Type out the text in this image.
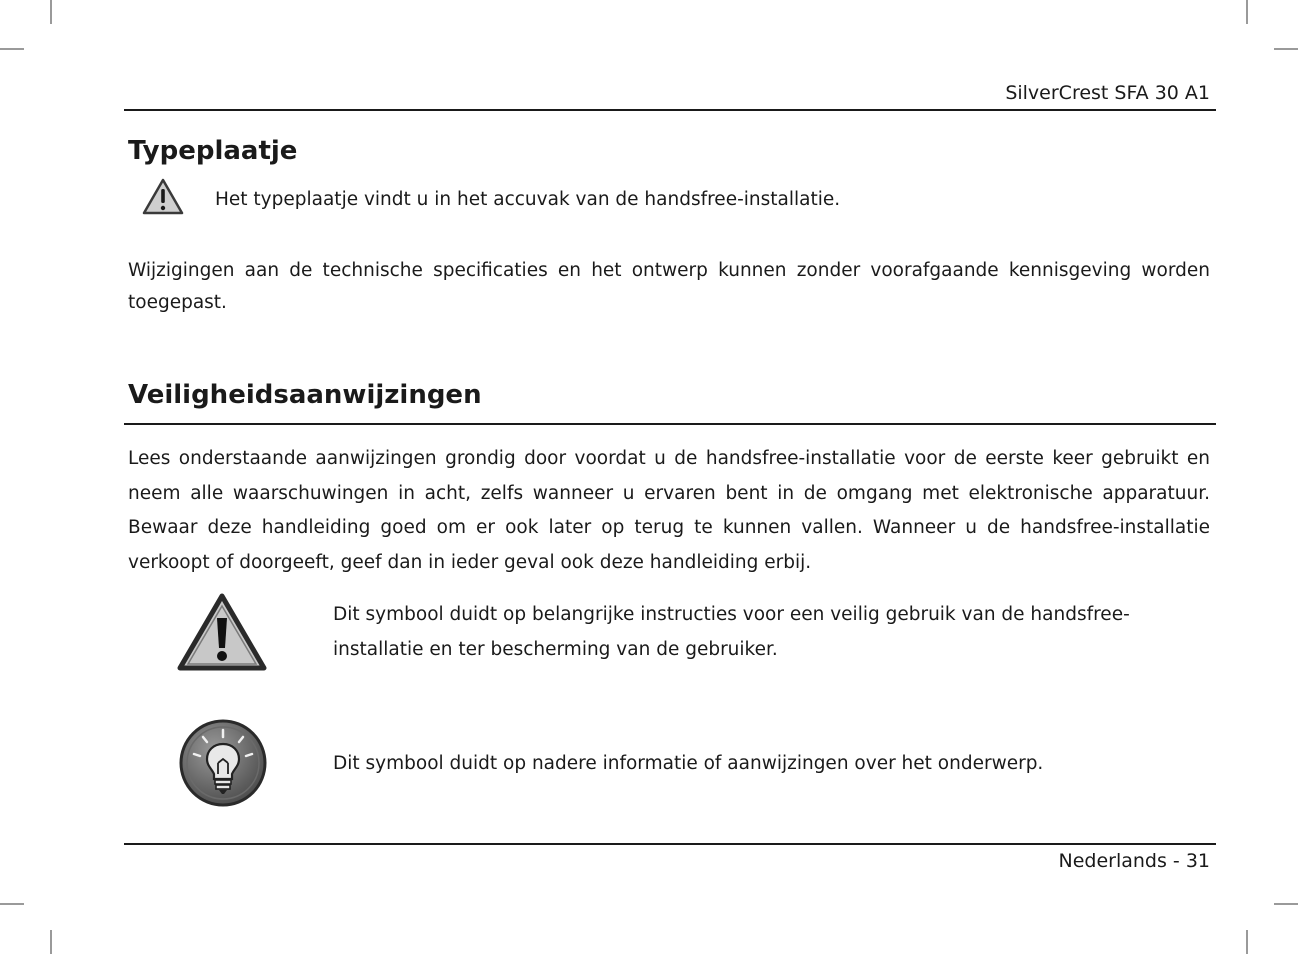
SilverCrest SFA 30 A1
Typeplaatje

Het typeplaatje vindt u in het accuvak van de handsfree-installatie.

Wijzigingen aan de technische specificaties en het ontwerp kunnen zonder voorafgaande kennisgeving worden toegepast.

Veiligheidsaanwijzingen

Lees onderstaande aanwijzingen grondig door voordat u de handsfree-installatie voor de eerste keer gebruikt en neem alle waarschuwingen in acht, zelfs wanneer u ervaren bent in de omgang met elektronische apparatuur. Bewaar deze handleiding goed om er ook later op terug te kunnen vallen. Wanneer u de handsfree-installatie verkoopt of doorgeeft, geef dan in ieder geval ook deze handleiding erbij.

Dit symbool duidt op belangrijke instructies voor een veilig gebruik van de handsfree-installatie en ter bescherming van de gebruiker.

Dit symbool duidt op nadere informatie of aanwijzingen over het onderwerp.

Nederlands - 31
